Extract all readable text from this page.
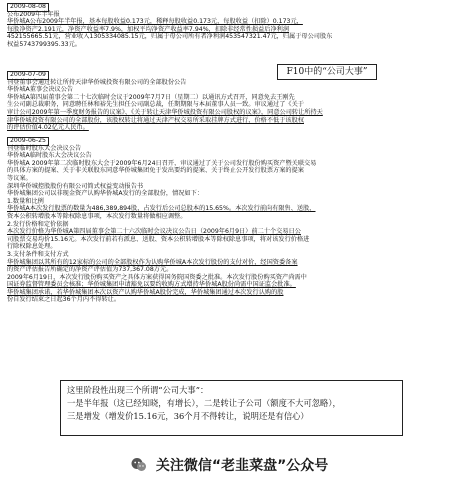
2009-08-08
公布2009年半年报
华侨城A公布2009年半年报，基本每股收益0.173元，稀释每股收益0.173元，每股收益（扣除）0.173元，
每股净资产2.191元，净资产收益率7.9%，加权平均净资产收益率7.94%，扣除非经常性损益后净利润
452155665.51元，营业收入1305334085.15元，归属于母公司所有者净利润453547321.47元，归属于母公司股东
权益5743799395.33元。
2009-07-09
刊登董事会通过转让所持天津华侨城投资有限公司的全部股份公告
华侨城A董事会决议公告
华侨城A第四届董事会第二十七次临时会议于2009年7月7日（星期二）以通讯方式召开，同意免去王刚先
生公司副总裁职务，同意聘任林和裕先生担任公司副总裁，任期期限与本届董事人员一致。审议通过了《关于
审计公司2009年第一季度财务报告的议案》、《关于转让天津华侨城投资有限公司股权的议案》，同意公司转让所持天
津华侨城投资有限公司的全部股份，该股权转让将通过天津产权交易所采取挂牌方式进行，价格不低于该股权
的评估价值4.02亿元人民币。
2009-06-25
刊登临时股东大会决议公告
华侨城A临时股东大会决议公告
华侨城A 2009年第二次临时股东大会于2009年6月24日召开，审议通过了关于公司发行股份购买资产暨关联交易
的具体方案的提案、关于非关联股东同意华侨城集团免于发出要约的提案、关于终止公开发行股票方案的提案
等议案。
深圳华侨城控股股份有限公司简式权益变动报告书
华侨城集团公司以非现金资产认购华侨城A发行的全部股份，情况如下：
1.数量和比例
华侨城A本次发行股票的数量为486,389,894股，占发行后公司总股本的15.65%。本次发行前向有限售、送股、
资本公积转增股本等除权除息事项，本次发行数量将做相应调整。
2.发行价格和定价依据
本次发行价格为华侨城A第四届董事会第二十六次临时会议决议公告日（2009年6月9日）前二十个交易日公
司股票交易均价15.16元。本次发行前若有派息、送股、资本公积转增股本等除权除息事项，将对该发行价格进
行除权除息处理。
3.支付条件和支付方式
华侨城集团以其所有的12家标的公司的全部股权作为认购华侨城A本次发行股份的支付对价，经国资委备案
的资产评估报告所确定的净资产评估值为737,367.08万元。
2009年6月19日，本次发行股份购买资产之具体方案获得国务院国资委之批准。本次发行股份购买资产尚需中
国证券监督管理委员会核准；华侨城集团申请豁免以要约收购方式增持华侨城A股份尚需中国证监会批准。
华侨城集团承诺，若华侨城集团本次以资产认购华侨城A股份完成，华侨城集团通过本次发行认购的股
份自发行结束之日起36个月内不得转让。
F10中的“公司大事”
这里阶段性出现三个所谓“公司大事”：
一是半年报（这已经知晓，有增长），二是转让子公司（额度不大可忽略），
三是增发（增发价15.16元，36个月不得转让，说明还是有信心）
关注微信“老韭菜盘”公众号
